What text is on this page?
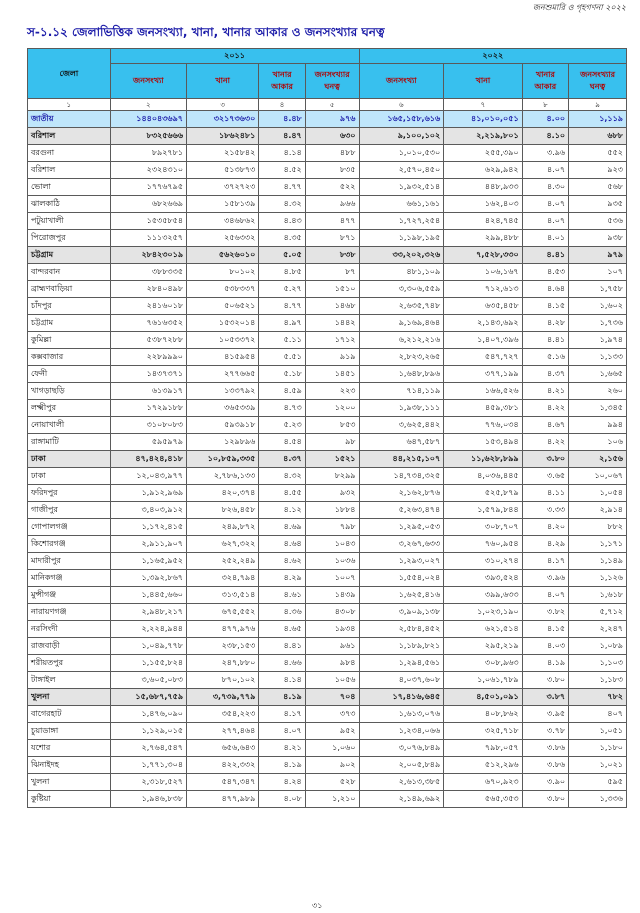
জনশুমারি ও গৃহগণনা ২০২২
স-১.১২ জেলাভিত্তিক জনসংখ্যা, খানা, খানার আকার ও জনসংখ্যার ঘনত্ব
জেলা	২০১১				২০২২			
	জনসংখ্যা	খানা	খানার আকার	জনসংখ্যার ঘনত্ব	জনসংখ্যা	খানা	খানার আকার	জনসংখ্যার ঘনত্ব
১	২	৩	৪	৫	৬	৭	৮	৯
জাতীয়	১৪৪০৪৩৬৯৭	৩২১৭৩৬৩০	৪.৪৮	৯৭৬	১৬৫,১৫৮,৬১৬	৪১,০১০,০৫১	৪.০০	১,১১৯
বরিশাল	৮৩২৫৬৬৬	১৮৬২৪৮১	৪.৪৭	৬৩০	৯,১০০,১০২	২,২১৯,৮০১	৪.১০	৬৮৮
বরগুনা	৮৯২৭৮১	২১৫৮৪২	৪.১৪	৪৮৮	১,০১০,৫৩০	২৫৫,৩৯০	৩.৯৬	৫৫২
বরিশাল	২৩২৪৩১০	৫১৩৮৭৩	৪.৫২	৮৩৫	২,৫৭০,৪৫০	৬২৯,৯৪২	৪.০৭	৯২৩
ভোলা	১৭৭৬৭৯৫	৩৭২৭২৩	৪.৭৭	৫২২	১,৯৩২,৫১৪	৪৪৮,৯৩৩	৪.৩০	৫৬৮
ঝালকাঠি	৬৮২৬৬৯	১৫৮১৩৯	৪.৩২	৯৬৬	৬৬১,১৬১	১৬২,৪০৩	৪.০৭	৯৩৫
পটুয়াখালী	১৫৩৫৮৫৪	৩৪৬৮৬২	৪.৪৩	৪৭৭	১,৭২৭,২৫৪	৪২৪,৭৪৫	৪.০৭	৫৩৬
পিরোজপুর	১১১৩২৫৭	২৫৬৩৩২	৪.৩৫	৮৭১	১,১৯৮,১৯৫	২৯৯,৪৮৮	৪.০১	৯৩৮
চট্টগ্রাম	২৮৪২৩০১৯	৫৬২৬০১০	৫.০৫	৮৩৮	৩৩,২০২,৩২৬	৭,৫২৮,৩৩০	৪.৪১	৯৭৯
বান্দরবান	৩৮৮৩৩৫	৮০১০২	৪.৮৫	৮৭	৪৮১,১০৯	১০৬,১৬৭	৪.৫৩	১০৭
ব্রাহ্মণবাড়িয়া	২৮৪০৪৯৮	৫৩৮৩৩৭	৫.২৭	১৫১০	৩,৩০৬,৫৫৯	৭১২,৬১৩	৪.৬৪	১,৭৫৮
চাঁদপুর	২৪১৬০১৮	৫০৬৫২১	৪.৭৭	১৪৬৮	২,৬৩৫,৭৪৮	৬৩৫,৪৫৮	৪.১৫	১,৬০২
চট্টগ্রাম	৭৬১৬৩৫২	১৫৩২০১৪	৪.৯৭	১৪৪২	৯,১৬৯,৪৬৪	২,১৪৩,৬৯২	৪.২৮	১,৭৩৬
কুমিল্লা	৫৩৮৭২৮৮	১০৫৩৩৭২	৫.১১	১৭১২	৬,২১২,২১৬	১,৪০৭,৩৯৬	৪.৪১	১,৯৭৪
কক্সবাজার	২২৮৯৯৯০	৪১৫৯৫৪	৫.৫১	৯১৯	২,৮২৩,২৬৫	৫৪৭,৭২৭	৫.১৬	১,১৩৩
ফেনী	১৪৩৭৩৭১	২৭৭৬৬৫	৫.১৮	১৪৫১	১,৬৪৮,৮৯৬	৩৭৭,১৯৯	৪.৩৭	১,৬৬৫
খাগড়াছড়ি	৬১৩৯১৭	১৩৩৭৯২	৪.৫৯	২২৩	৭১৪,১১৯	১৬৬,৫২৬	৪.২১	২৬০
লক্ষ্মীপুর	১৭২৯১৮৮	৩৬৫৩৩৯	৪.৭৩	১২০০	১,৯৩৮,১১১	৪৫৯,৩৮১	৪.২২	১,৩৪৫
নোয়াখালী	৩১০৮০৮৩	৫৯৩৯১৮	৫.২৩	৮৫৩	৩,৬২৫,৪৪২	৭৭৬,০৩৪	৪.৬৭	৯৯৪
রাঙ্গামাটি	৫৯৫৯৭৯	১২৯৮৯৬	৪.৫৪	৯৮	৬৪৭,৫৮৭	১৫৩,৪৯৪	৪.২২	১০৬
ঢাকা	৪৭,৪২৪,৪১৮	১০,৮৫৯,৩৩৫	৪.৩৭	১৫২১	৪৪,২১৫,১০৭	১১,৬২৮,৮৯৯	৩.৮০	২,১৫৬
ঢাকা	১২,০৪৩,৯৭৭	২,৭৮৬,১৩৩	৪.৩২	৮২৯৯	১৪,৭৩৪,৩২৫	৪,০৩৬,৪৪৫	৩.৬৫	১০,০৬৭
ফরিদপুর	১,৯১২,৯৬৯	৪২০,৩৭৪	৪.৫৫	৯৩২	২,১৬২,৮৭৬	৫২৫,৮৭৯	৪.১১	১,০৫৪
গাজীপুর	৩,৪০৩,৯১২	৮২৬,৪৫৮	৪.১২	১৮৮৪	৫,২৬৩,৪৭৪	১,৫৭৯,৮৪৪	৩.৩৩	২,৯১৪
গোপালগঞ্জ	১,১৭২,৪১৫	২৪৯,৮৭২	৪.৬৯	৭৯৮	১,২৯৫,০৫৩	৩০৮,৭০৭	৪.২০	৮৮২
কিশোরগঞ্জ	২,৯১১,৯০৭	৬২৭,৩২২	৪.৬৪	১০৪৩	৩,২৬৭,৬৩৩	৭৬০,৯৫৪	৪.২৯	১,১৭১
মাদারীপুর	১,১৬৫,৯৫২	২৫২,২৪৯	৪.৬২	১০৩৬	১,২৯৩,০২৭	৩১০,২৭৪	৪.১৭	১,১৪৯
মানিকগঞ্জ	১,৩৯২,৮৬৭	৩২৪,৭৯৪	৪.২৯	১০০৭	১,৫৫৪,০২৪	৩৯৩,৫২৪	৩.৯৬	১,১২৬
মুন্সীগঞ্জ	১,৪৪৫,৬৬০	৩১৩,৫১৪	৪.৬১	১৪৩৯	১,৬২৫,৪১৬	৩৯৯,৬৩৩	৪.০৭	১,৬১৮
নারায়ণগঞ্জ	২,৯৪৮,২১৭	৬৭৫,৫৫২	৪.৩৬	৪৩০৮	৩,৯০৯,১৩৮	১,০২৩,১৯০	৩.৮২	৫,৭১২
নরসিংদী	২,২২৪,৯৪৪	৪৭৭,৯৭৬	৪.৬৫	১৯৩৪	২,৫৮৪,৪৫২	৬২১,৫১৪	৪.১৫	২,২৪৭
রাজবাড়ী	১,০৪৯,৭৭৮	২৩৮,১৫৩	৪.৪১	৯৬১	১,১৮৯,৮২১	২৯৫,২১৯	৪.০৩	১,০৮৯
শরীয়তপুর	১,১৫৫,৮২৪	২৪৭,৮৮০	৪.৬৬	৯৮৪	১,২৯৪,৫৬১	৩০৮,৯৬৩	৪.১৯	১,১০৩
টাঙ্গাইল	৩,৬০৫,০৮৩	৮৭০,১০২	৪.১৪	১০৫৬	৪,০৩৭,৬০৮	১,০৬১,৭৮৯	৩.৮০	১,১৮৩
খুলনা	১৫,৬৮৭,৭৫৯	৩,৭৩৯,৭৭৯	৪.১৯	৭০৪	১৭,৪১৬,৬৪৫	৪,৫০১,০৯১	৩.৮৭	৭৮২
বাগেরহাট	১,৪৭৬,০৯০	৩৫৪,২২৩	৪.১৭	৩৭৩	১,৬১৩,০৭৬	৪০৮,৮৬২	৩.৯৫	৪০৭
চুয়াডাঙ্গা	১,১২৯,০১৫	২৭৭,৪৬৪	৪.০৭	৯৫২	১,২৩৪,০৬৬	৩২৫,৭১৮	৩.৭৮	১,০৫১
যশোর	২,৭৬৪,৫৪৭	৬৫৬,৬৪৩	৪.২১	১,০৬০	৩,০৭৬,৮৪৯	৭৯৮,০৫৭	৩.৮৬	১,১৮০
ঝিনাইদহ	১,৭৭১,৩০৪	৪২২,৩৩২	৪.১৯	৯০২	২,০০৫,৮৪৯	৫১২,২৯৬	৩.৮৬	১,০২১
খুলনা	২,৩১৮,৫২৭	৫৪৭,৩৪৭	৪.২৪	৫২৮	২,৬১৩,৩৮৫	৬৭০,৯২৩	৩.৯০	৫৯৫
কুষ্টিয়া	১,৯৪৬,৮৩৮	৪৭৭,৯৮৯	৪.০৮	১,২১০	২,১৪৯,৬৯২	৫৬৫,৩৫৩	৩.৮০	১,৩৩৬
৩১
